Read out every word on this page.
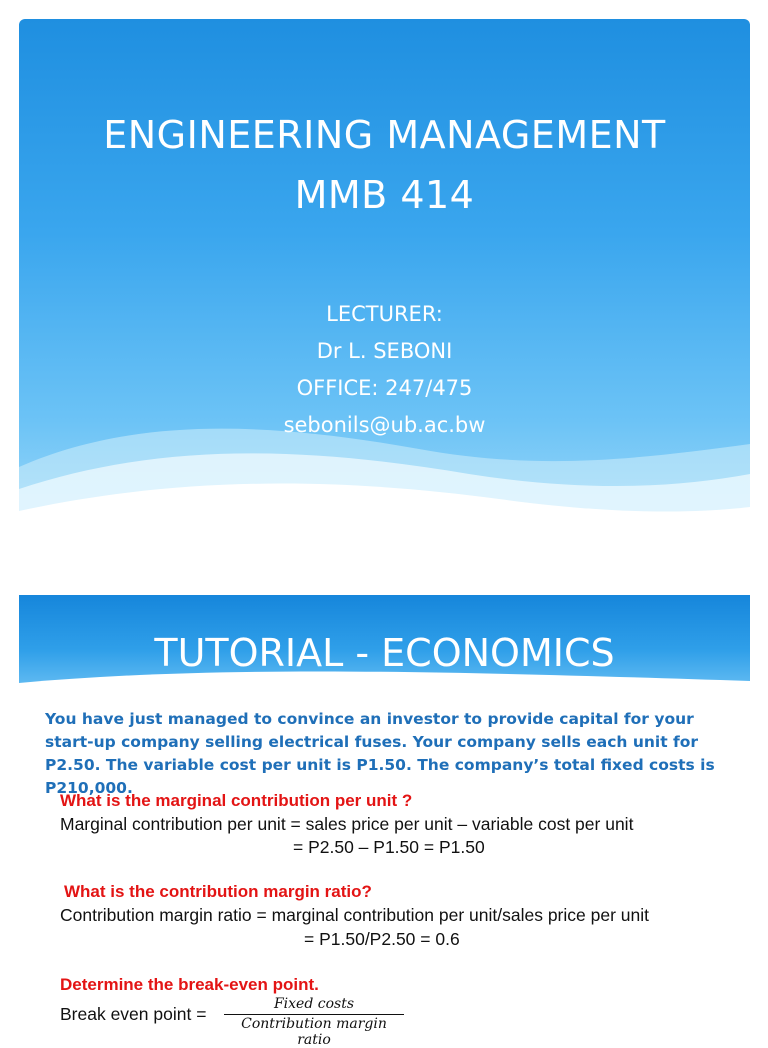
ENGINEERING MANAGEMENT
MMB 414
LECTURER:
Dr L. SEBONI
OFFICE: 247/475
sebonils@ub.ac.bw
TUTORIAL - ECONOMICS
You have just managed to convince an investor to provide capital for your start-up company selling electrical fuses. Your company sells each unit for P2.50. The variable cost per unit is P1.50. The company’s total fixed costs is P210,000.
What is the marginal contribution per unit ?
Marginal contribution per unit = sales price per unit – variable cost per unit
= P2.50 – P1.50 = P1.50
What is the contribution margin ratio?
Contribution margin ratio = marginal contribution per unit/sales price per unit
= P1.50/P2.50 = 0.6
Determine the break-even point.
Break even point =	Fixed costs
Contribution margin ratio
